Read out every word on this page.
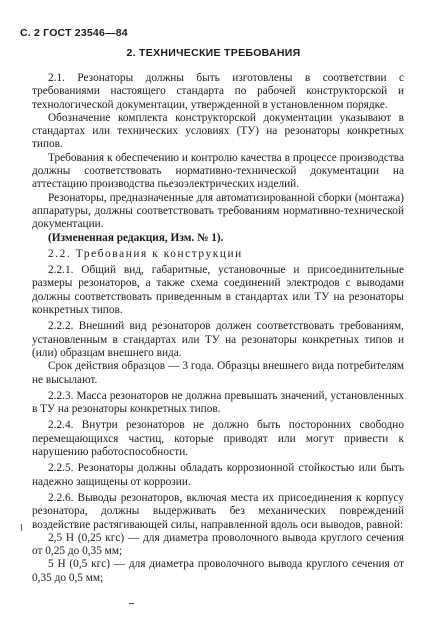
С. 2 ГОСТ 23546—84
2. ТЕХНИЧЕСКИЕ ТРЕБОВАНИЯ

2.1. Резонаторы должны быть изготовлены в соответствии с требованиями настоящего стандарта по рабочей конструкторской и технологической документации, утвержденной в установленном порядке.

Обозначение комплекта конструкторской документации указывают в стандартах или технических условиях (ТУ) на резонаторы конкретных типов.

Требования к обеспечению и контролю качества в процессе производства должны соответствовать нормативно-технической документации на аттестацию производства пьезоэлектрических изделий.

Резонаторы, предназначенные для автоматизированной сборки (монтажа) аппаратуры, должны соответствовать требованиям нормативно-технической документации.

(Измененная редакция, Изм. № 1).

2.2. Требования к конструкции

2.2.1. Общий вид, габаритные, установочные и присоединительные размеры резонаторов, а также схема соединений электродов с выводами должны соответствовать приведенным в стандартах или ТУ на резонаторы конкретных типов.

2.2.2. Внешний вид резонаторов должен соответствовать требованиям, установленным в стандартах или ТУ на резонаторы конкретных типов и (или) образцам внешнего вида.

Срок действия образцов — 3 года. Образцы внешнего вида потребителям не высылают.

2.2.3. Масса резонаторов не должна превышать значений, установленных в ТУ на резонаторы конкретных типов.

2.2.4. Внутри резонаторов не должно быть посторонних свободно перемещающихся частиц, которые приводят или могут привести к нарушению работоспособности.

2.2.5. Резонаторы должны обладать коррозионной стойкостью или быть надежно защищены от коррозии.

2.2.6. Выводы резонаторов, включая места их присоединения к корпусу резонатора, должны выдерживать без механических повреждений воздействие растягивающей силы, направленной вдоль оси выводов, равной:

2,5 Н (0,25 кгс) — для диаметра проволочного вывода круглого сечения от 0,25 до 0,35 мм;

5 Н (0,5 кгс) — для диаметра проволочного вывода круглого сечения от 0,35 до 0,5 мм;
